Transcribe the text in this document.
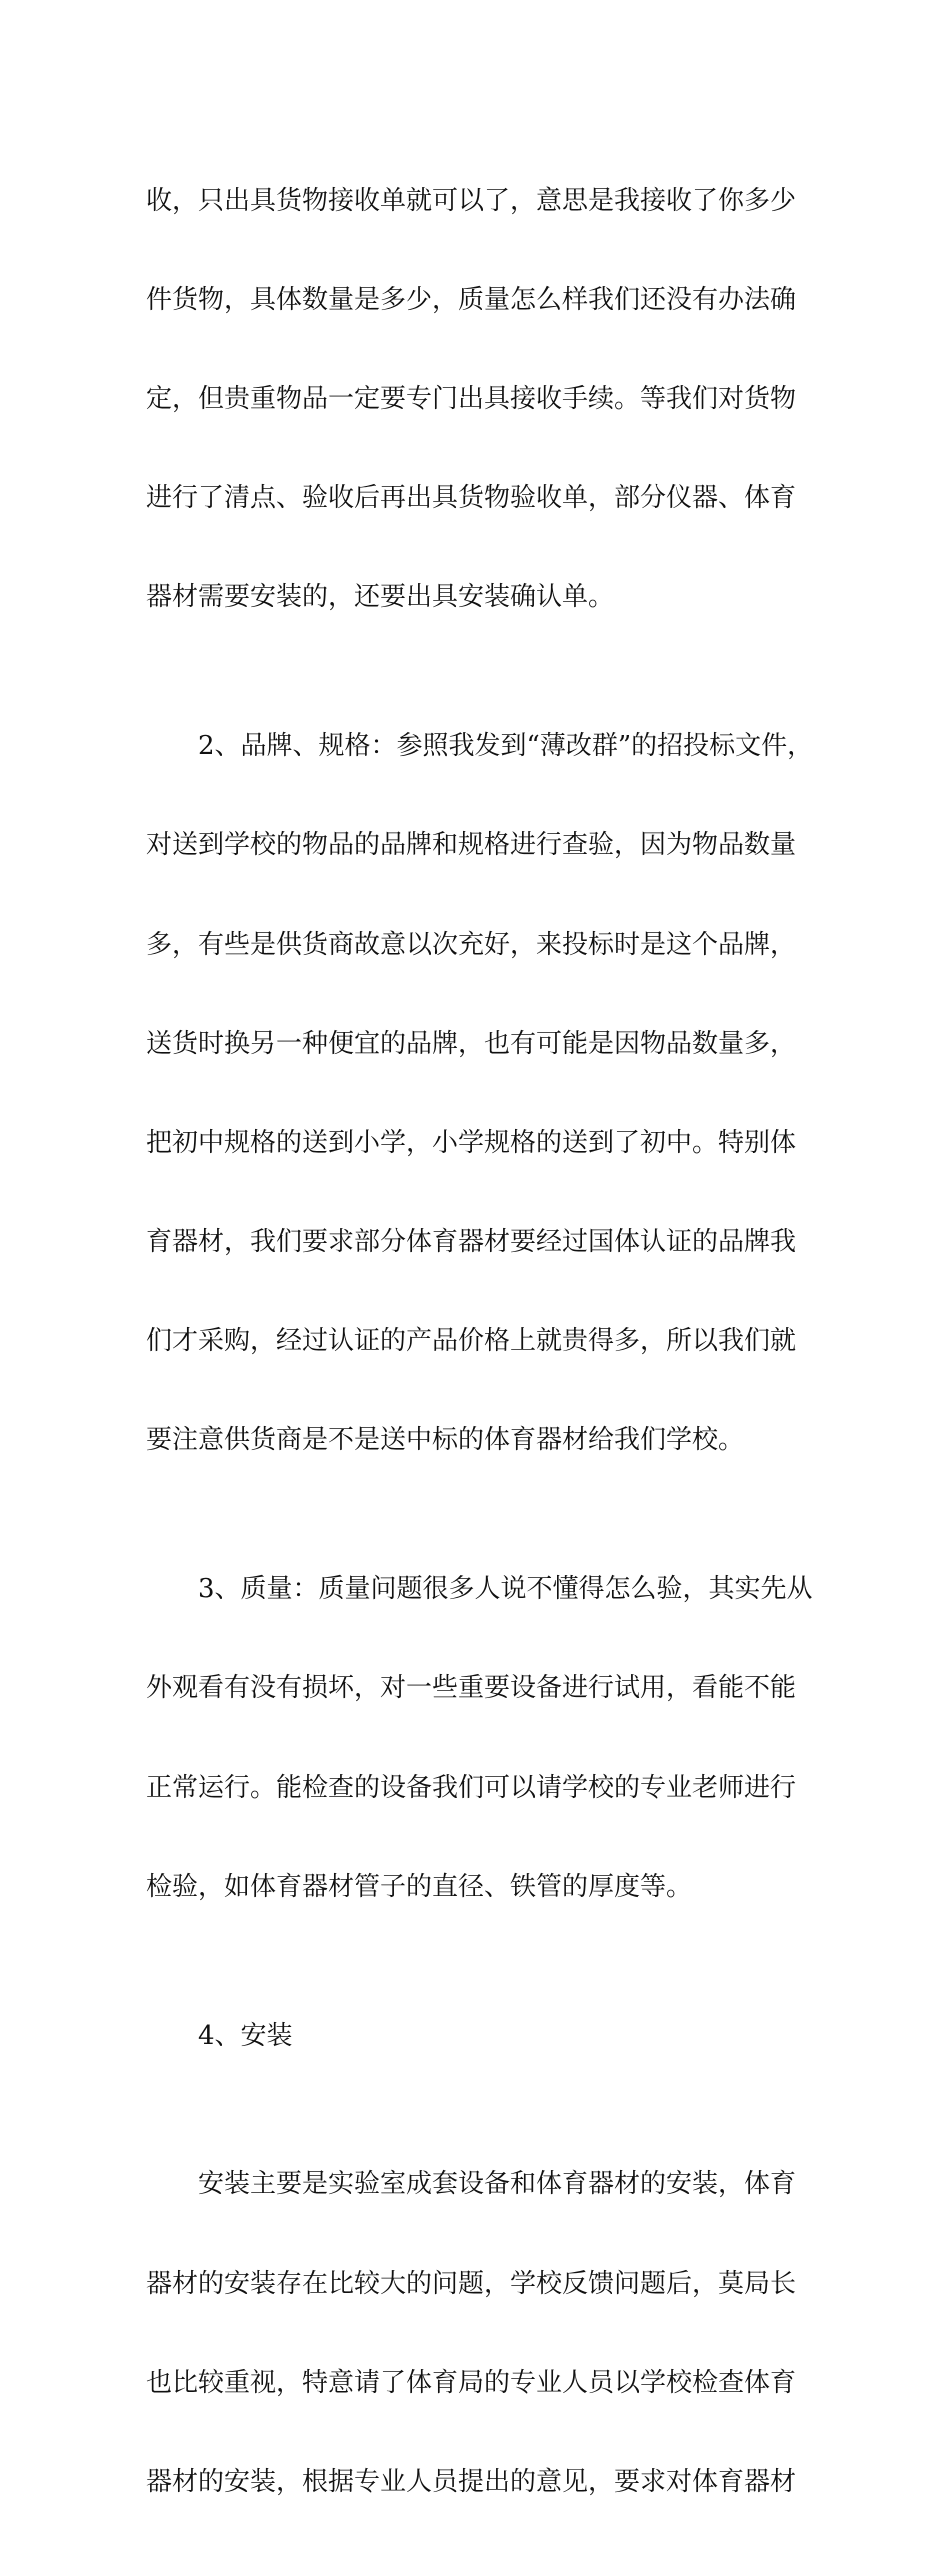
收，只出具货物接收单就可以了，意思是我接收了你多少

件货物，具体数量是多少，质量怎么样我们还没有办法确

定，但贵重物品一定要专门出具接收手续。等我们对货物

进行了清点、验收后再出具货物验收单，部分仪器、体育

器材需要安装的，还要出具安装确认单。

2、品牌、规格：参照我发到“薄改群”的招投标文件，

对送到学校的物品的品牌和规格进行查验，因为物品数量

多，有些是供货商故意以次充好，来投标时是这个品牌，

送货时换另一种便宜的品牌，也有可能是因物品数量多，

把初中规格的送到小学，小学规格的送到了初中。特别体

育器材，我们要求部分体育器材要经过国体认证的品牌我

们才采购，经过认证的产品价格上就贵得多，所以我们就

要注意供货商是不是送中标的体育器材给我们学校。

3、质量：质量问题很多人说不懂得怎么验，其实先从

外观看有没有损坏，对一些重要设备进行试用，看能不能

正常运行。能检查的设备我们可以请学校的专业老师进行

检验，如体育器材管子的直径、铁管的厚度等。

4、安装

安装主要是实验室成套设备和体育器材的安装，体育

器材的安装存在比较大的问题，学校反馈问题后，莫局长

也比较重视，特意请了体育局的专业人员以学校检查体育

器材的安装，根据专业人员提出的意见，要求对体育器材
